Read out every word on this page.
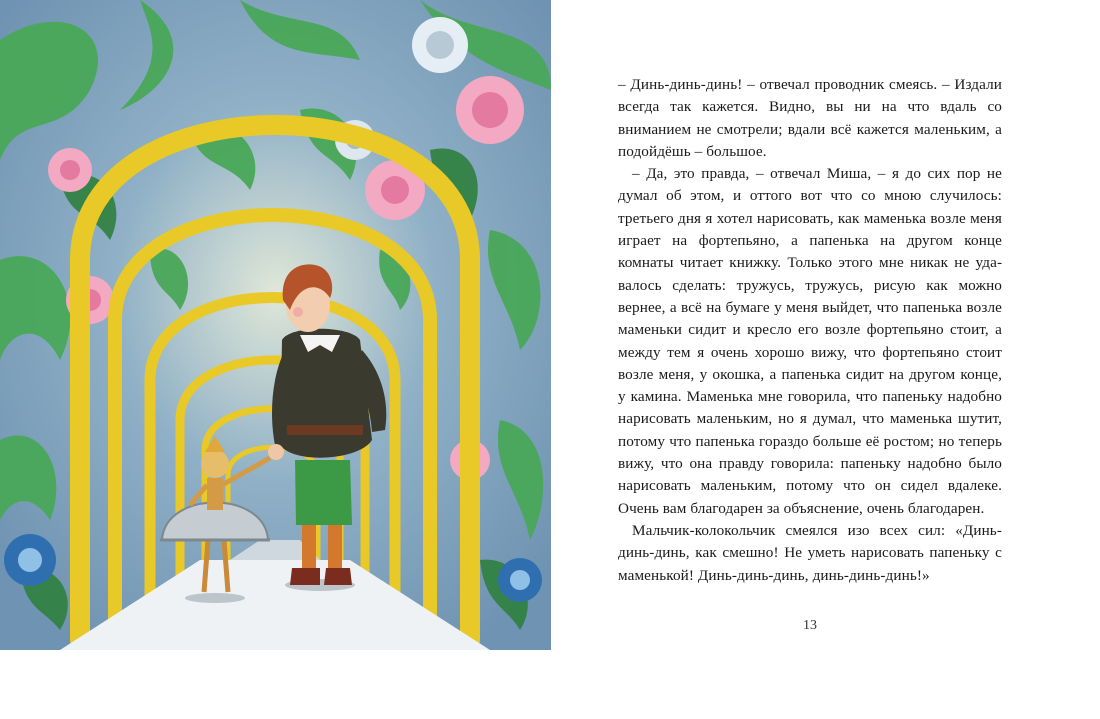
– Динь-динь-динь! – отвечал проводник смеясь. – Издали всегда так кажется. Видно, вы ни на что вдаль со вниманием не смотрели; вдали всё кажется маленьким, а подойдёшь – большое.

– Да, это правда, – отвечал Миша, – я до сих пор не думал об этом, и оттого вот что со мною случилось: третьего дня я хотел нарисовать, как маменька возле меня играет на фортепьяно, а папенька на другом конце комнаты читает книжку. Только этого мне никак не удавалось сделать: тружусь, тружусь, рисую как можно вернее, а всё на бумаге у меня выйдет, что папенька возле маменьки сидит и кресло его возле фортепьяно стоит, а между тем я очень хорошо вижу, что фортепьяно стоит возле меня, у окошка, а папенька сидит на другом конце, у камина. Маменька мне говорила, что папеньку надобно нарисовать маленьким, но я думал, что маменька шутит, потому что папенька гораздо больше её ростом; но теперь вижу, что она правду говорила: папеньку надобно было нарисовать маленьким, потому что он сидел вдалеке. Очень вам благодарен за объяснение, очень благодарен.

Мальчик-колокольчик смеялся изо всех сил: «Динь-динь-динь, как смешно! Не уметь нарисовать папеньку с маменькой! Динь-динь-динь, динь-динь-динь!»

13
